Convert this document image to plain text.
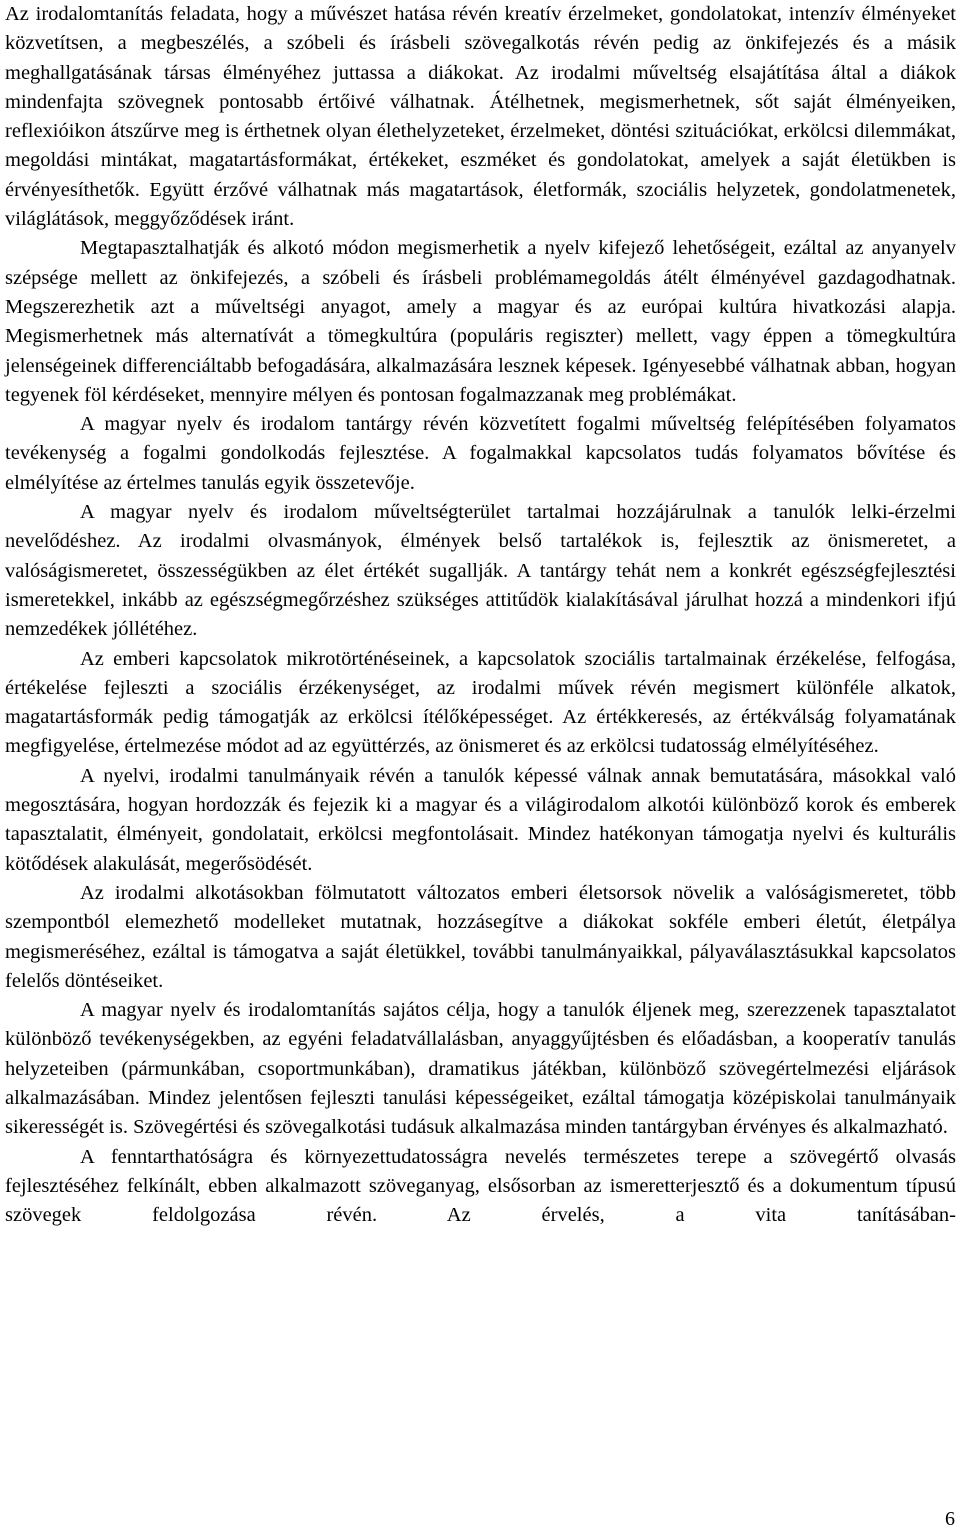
Az irodalomtanítás feladata, hogy a művészet hatása révén kreatív érzelmeket, gondolatokat, intenzív élményeket közvetítsen, a megbeszélés, a szóbeli és írásbeli szövegalkotás révén pedig az önkifejezés és a másik meghallgatásának társas élményéhez juttassa a diákokat. Az irodalmi műveltség elsajátítása által a diákok mindenfajta szövegnek pontosabb értőivé válhatnak. Átélhetnek, megismerhetnek, sőt saját élményeiken, reflexióikon átszűrve meg is érthetnek olyan élethelyzeteket, érzelmeket, döntési szituációkat, erkölcsi dilemmákat, megoldási mintákat, magatartásformákat, értékeket, eszméket és gondolatokat, amelyek a saját életükben is érvényesíthetők. Együtt érzővé válhatnak más magatartások, életformák, szociális helyzetek, gondolatmenetek, világlátások, meggyőződések iránt.

Megtapasztalhatják és alkotó módon megismerhetik a nyelv kifejező lehetőségeit, ezáltal az anyanyelv szépsége mellett az önkifejezés, a szóbeli és írásbeli problémamegoldás átélt élményével gazdagodhatnak. Megszerezhetik azt a műveltségi anyagot, amely a magyar és az európai kultúra hivatkozási alapja. Megismerhetnek más alternatívát a tömegkultúra (populáris regiszter) mellett, vagy éppen a tömegkultúra jelenségeinek differenciáltabb befogadására, alkalmazására lesznek képesek. Igényesebbé válhatnak abban, hogyan tegyenek föl kérdéseket, mennyire mélyen és pontosan fogalmazzanak meg problémákat.

A magyar nyelv és irodalom tantárgy révén közvetített fogalmi műveltség felépítésében folyamatos tevékenység a fogalmi gondolkodás fejlesztése. A fogalmakkal kapcsolatos tudás folyamatos bővítése és elmélyítése az értelmes tanulás egyik összetevője.

A magyar nyelv és irodalom műveltségterület tartalmai hozzájárulnak a tanulók lelki-érzelmi nevelődéshez. Az irodalmi olvasmányok, élmények belső tartalékok is, fejlesztik az önismeretet, a valóságismeretet, összességükben az élet értékét sugallják. A tantárgy tehát nem a konkrét egészségfejlesztési ismeretekkel, inkább az egészségmegőrzéshez szükséges attitűdök kialakításával járulhat hozzá a mindenkori ifjú nemzedékek jóllétéhez.

Az emberi kapcsolatok mikrotörténéseinek, a kapcsolatok szociális tartalmainak érzékelése, felfogása, értékelése fejleszti a szociális érzékenységet, az irodalmi művek révén megismert különféle alkatok, magatartásformák pedig támogatják az erkölcsi ítélőképességet. Az értékkeresés, az értékválság folyamatának megfigyelése, értelmezése módot ad az együttérzés, az önismeret és az erkölcsi tudatosság elmélyítéséhez.

A nyelvi, irodalmi tanulmányaik révén a tanulók képessé válnak annak bemutatására, másokkal való megosztására, hogyan hordozzák és fejezik ki a magyar és a világirodalom alkotói különböző korok és emberek tapasztalatit, élményeit, gondolatait, erkölcsi megfontolásait. Mindez hatékonyan támogatja nyelvi és kulturális kötődések alakulását, megerősödését.

Az irodalmi alkotásokban fölmutatott változatos emberi életsorsok növelik a valóságismeretet, több szempontból elemezhető modelleket mutatnak, hozzásegítve a diákokat sokféle emberi életút, életpálya megismeréséhez, ezáltal is támogatva a saját életükkel, további tanulmányaikkal, pályaválasztásukkal kapcsolatos felelős döntéseiket.

A magyar nyelv és irodalomtanítás sajátos célja, hogy a tanulók éljenek meg, szerezzenek tapasztalatot különböző tevékenységekben, az egyéni feladatvállalásban, anyaggyűjtésben és előadásban, a kooperatív tanulás helyzeteiben (pármunkában, csoportmunkában), dramatikus játékban, különböző szövegértelmezési eljárások alkalmazásában. Mindez jelentősen fejleszti tanulási képességeiket, ezáltal támogatja középiskolai tanulmányaik sikerességét is. Szövegértési és szövegalkotási tudásuk alkalmazása minden tantárgyban érvényes és alkalmazható.

A fenntarthatóságra és környezettudatosságra nevelés természetes terepe a szövegértő olvasás fejlesztéséhez felkínált, ebben alkalmazott szöveganyag, elsősorban az ismeretterjesztő és a dokumentum típusú szövegek feldolgozása révén. Az érvelés, a vita tanításában-

6
